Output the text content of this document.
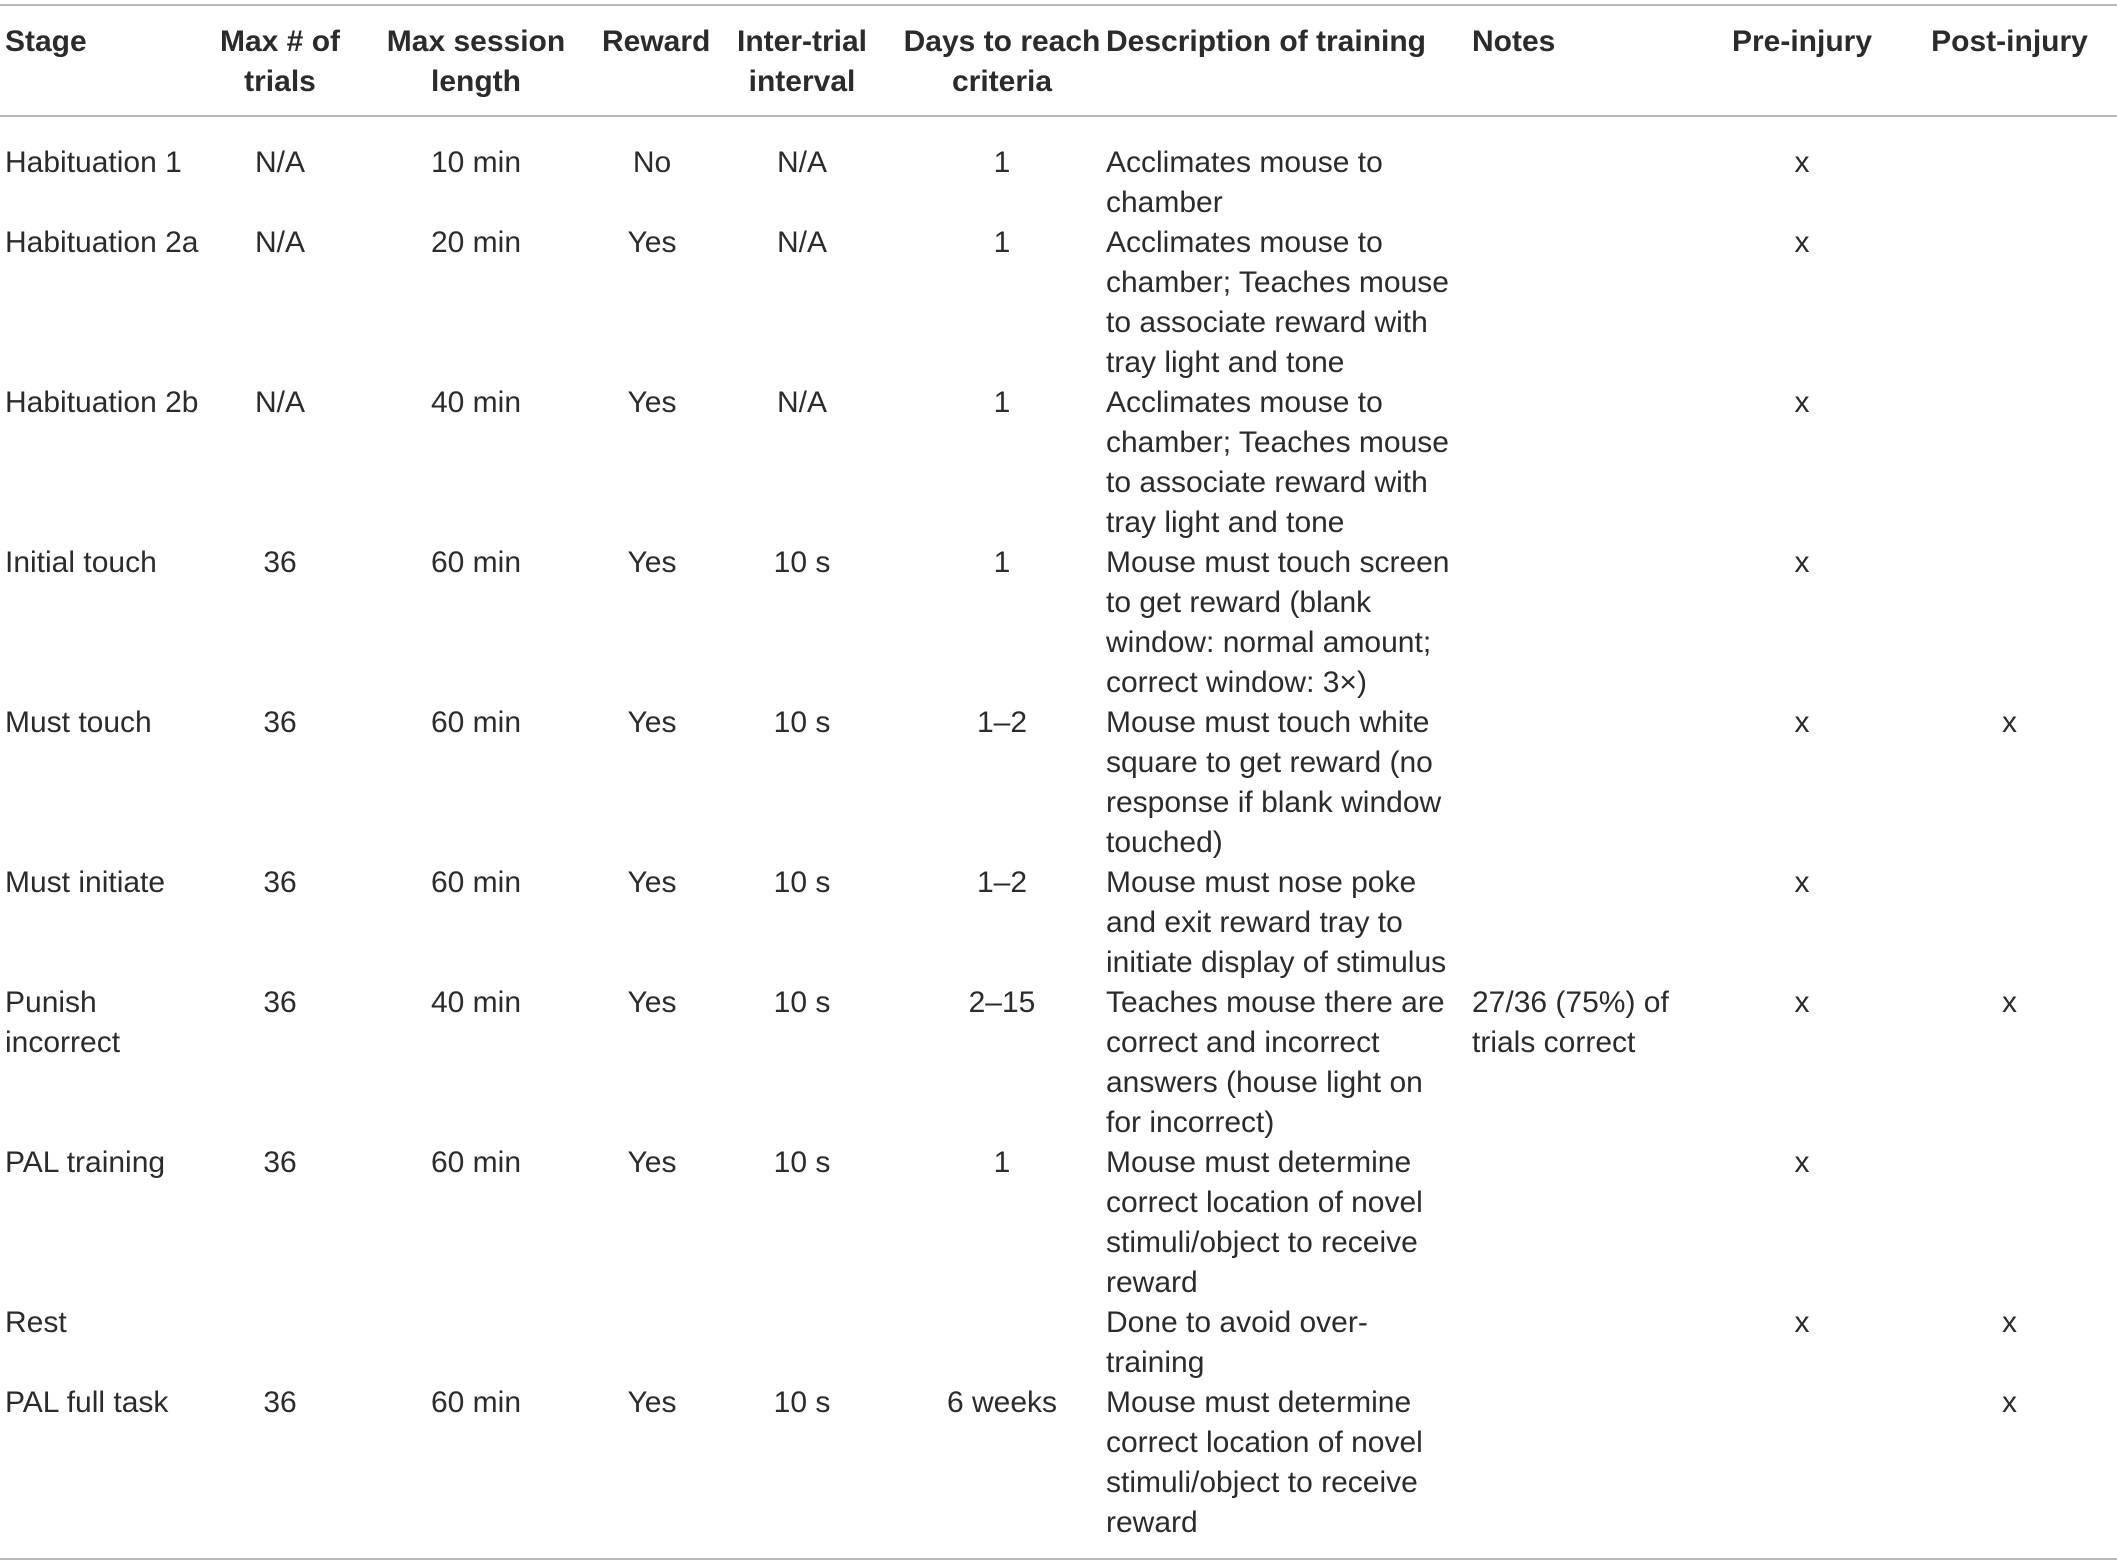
Stage	Max # of trials	Max session length	Reward	Inter-trial interval	Days to reach criteria	Description of training	Notes	Pre-injury	Post-injury
Habituation 1	N/A	10 min	No	N/A	1	Acclimates mouse to chamber		x	
Habituation 2a	N/A	20 min	Yes	N/A	1	Acclimates mouse to chamber; Teaches mouse to associate reward with tray light and tone		x	
Habituation 2b	N/A	40 min	Yes	N/A	1	Acclimates mouse to chamber; Teaches mouse to associate reward with tray light and tone		x	
Initial touch	36	60 min	Yes	10 s	1	Mouse must touch screen to get reward (blank window: normal amount; correct window: 3×)		x	
Must touch	36	60 min	Yes	10 s	1–2	Mouse must touch white square to get reward (no response if blank window touched)		x	x
Must initiate	36	60 min	Yes	10 s	1–2	Mouse must nose poke and exit reward tray to initiate display of stimulus		x	
Punish incorrect	36	40 min	Yes	10 s	2–15	Teaches mouse there are correct and incorrect answers (house light on for incorrect)	27/36 (75%) of trials correct	x	x
PAL training	36	60 min	Yes	10 s	1	Mouse must determine correct location of novel stimuli/object to receive reward		x	
Rest						Done to avoid over-training		x	x
PAL full task	36	60 min	Yes	10 s	6 weeks	Mouse must determine correct location of novel stimuli/object to receive reward			x
